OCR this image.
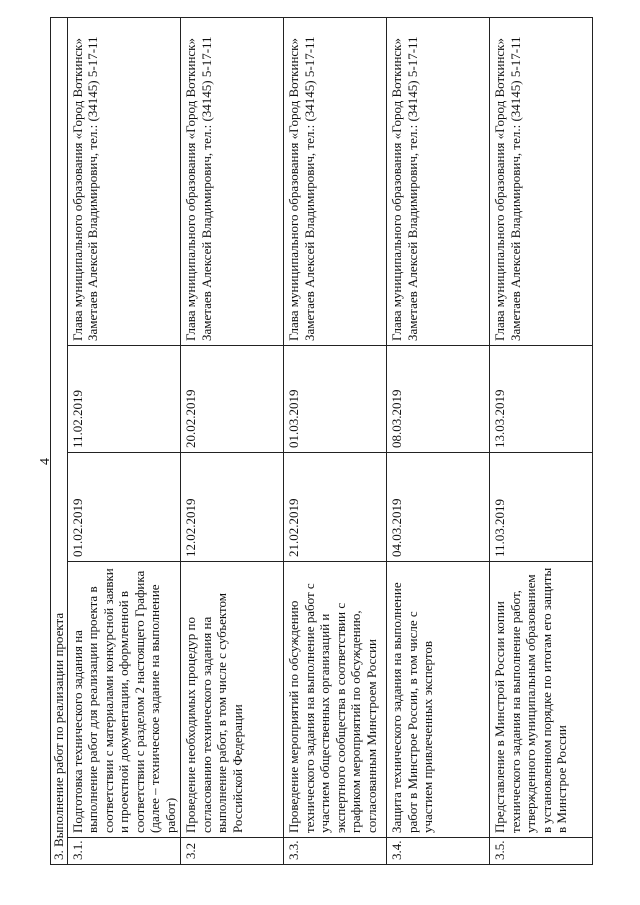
4
3. Выполнение работ по реализации проекта				
3.1.	Подготовка технического задания на выполнение работ для реализации проекта в соответствии с материалами конкурсной заявки и проектной документации, оформленной в соответствии с разделом 2 настоящего Графика (далее – техническое задание на выполнение работ)	01.02.2019	11.02.2019	Глава муниципального образования «Город Воткинск» Заметаев Алексей Владимирович, тел.: (34145) 5-17-11
3.2	Проведение необходимых процедур по согласованию технического задания на выполнение работ, в том числе с субъектом Российской Федерации	12.02.2019	20.02.2019	Глава муниципального образования «Город Воткинск» Заметаев Алексей Владимирович, тел.: (34145) 5-17-11
3.3.	Проведение мероприятий по обсуждению технического задания на выполнение работ с участием общественных организаций и экспертного сообщества в соответствии с графиком мероприятий по обсуждению, согласованным Минстроем России	21.02.2019	01.03.2019	Глава муниципального образования «Город Воткинск» Заметаев Алексей Владимирович, тел.: (34145) 5-17-11
3.4.	Защита технического задания на выполнение работ в Минстрое России, в том числе с участием привлеченных экспертов	04.03.2019	08.03.2019	Глава муниципального образования «Город Воткинск» Заметаев Алексей Владимирович, тел.: (34145) 5-17-11
3.5.	Представление в Минстрой России копии технического задания на выполнение работ, утвержденного муниципальным образованием в установленном порядке по итогам его защиты в Минстрое России	11.03.2019	13.03.2019	Глава муниципального образования «Город Воткинск» Заметаев Алексей Владимирович, тел.: (34145) 5-17-11
